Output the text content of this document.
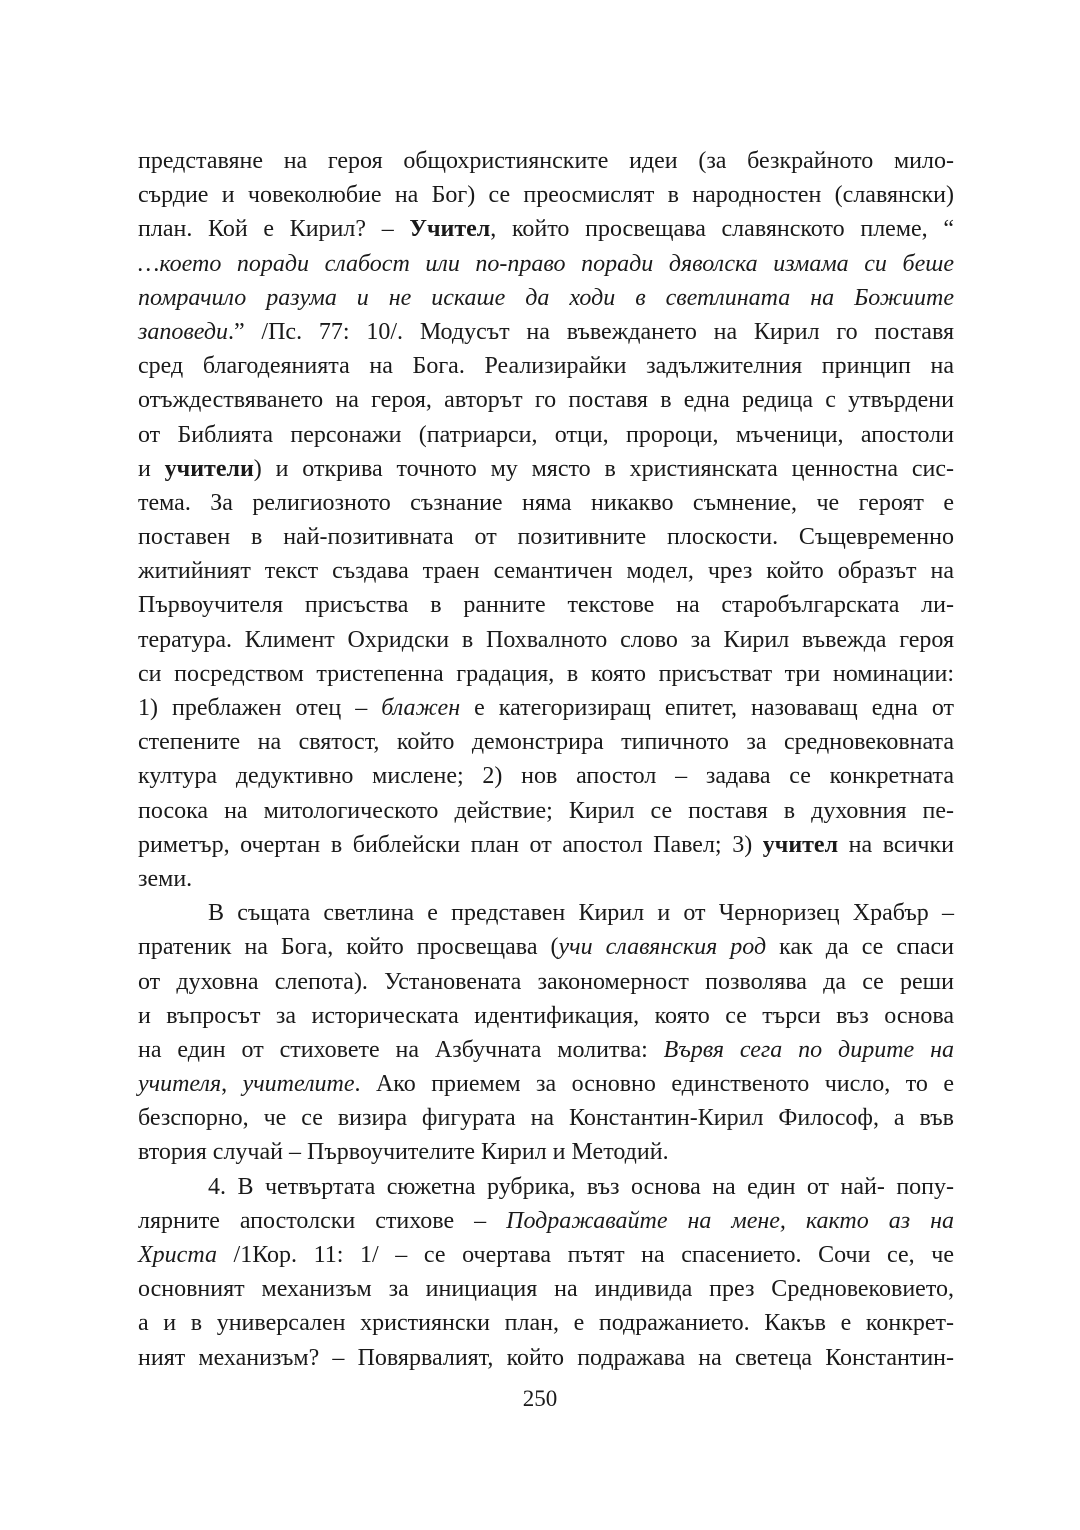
представяне на героя общохристиянските идеи (за безкрайното мило-
сърдие и човеколюбие на Бог) се преосмислят в народностен (славянски)
план. Кой е Кирил? – Учител, който просвещава славянското племе, “
…което поради слабост или по-право поради дяволска измама си беше
помрачило разума и не искаше да ходи в светлината на Божиите
заповеди.” /Пс. 77: 10/. Модусът на въвеждането на Кирил го поставя
сред благодеянията на Бога. Реализирайки задължителния принцип на
отъждествяването на героя, авторът го поставя в една редица с утвърдени
от Библията персонажи (патриарси, отци, пророци, мъченици, апостоли
и учители) и открива точното му място в християнската ценностна сис-
тема. За религиозното съзнание няма никакво съмнение, че героят е
поставен в най-позитивната от позитивните плоскости. Същевременно
житийният текст създава траен семантичен модел, чрез който образът на
Първоучителя присъства в ранните текстове на старобългарската ли-
тература. Климент Охридски в Похвалното слово за Кирил въвежда героя
си посредством тристепенна градация, в която присъстват три номинации:
1) преблажен отец – блажен е категоризиращ епитет, назоваващ една от
степените на святост, който демонстрира типичното за средновековната
култура дедуктивно мислене; 2) нов апостол – задава се конкретната
посока на митологическото действие; Кирил се поставя в духовния пе-
риметър, очертан в библейски план от апостол Павел; 3) учител на всички
земи.
В същата светлина е представен Кирил и от Черноризец Храбър –
пратеник на Бога, който просвещава (учи славянския род как да се спаси
от духовна слепота). Установената закономерност позволява да се реши
и въпросът за историческата идентификация, която се търси въз основа
на един от стиховете на Азбучната молитва: Вървя сега по дирите на
учителя, учителите. Ако приемем за основно единственото число, то е
безспорно, че се визира фигурата на Константин-Кирил Философ, а във
втория случай – Първоучителите Кирил и Методий.
4. В четвъртата сюжетна рубрика, въз основа на един от най- попу-
лярните апостолски стихове – Подражавайте на мене, както аз на
Христа /1Кор. 11: 1/ – се очертава пътят на спасението. Сочи се, че
основният механизъм за инициация на индивида през Средновековието,
а и в универсален християнски план, е подражанието. Какъв е конкрет-
ният механизъм? – Повярвалият, който подражава на светеца Константин-
250
